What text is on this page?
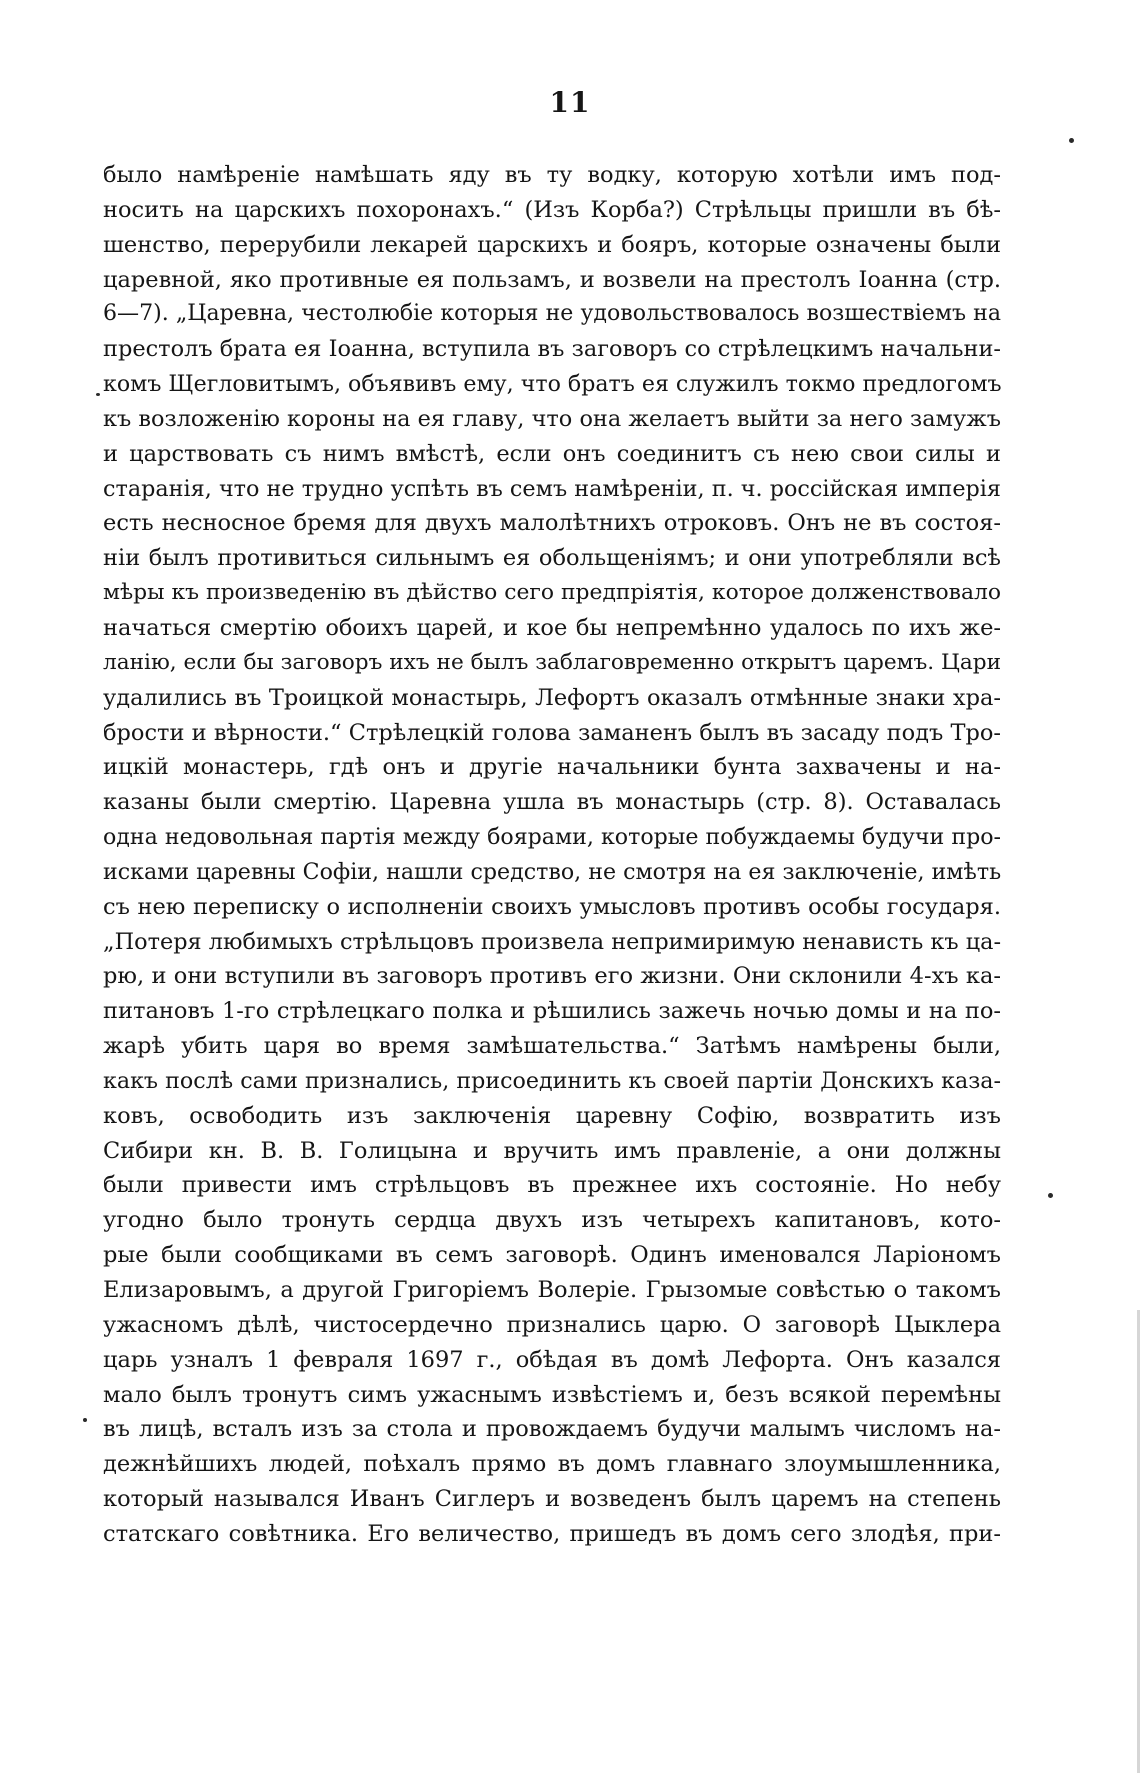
11
было намѣреніе намѣшать яду въ ту водку, которую хотѣли имъ под-
носить на царскихъ похоронахъ.“ (Изъ Корба?) Стрѣльцы пришли въ бѣ-
шенство, перерубили лекарей царскихъ и бояръ, которые означены были
царевной, яко противные ея пользамъ, и возвели на престолъ Іоанна (стр.
6—7). „Царевна, честолюбіе которыя не удовольствовалось возшествіемъ на
престолъ брата ея Іоанна, вступила въ заговоръ со стрѣлецкимъ начальни-
комъ Щегловитымъ, объявивъ ему, что братъ ея служилъ токмо предлогомъ
къ возложенію короны на ея главу, что она желаетъ выйти за него замужъ
и царствовать съ нимъ вмѣстѣ, если онъ соединитъ съ нею свои силы и
старанія, что не трудно успѣть въ семъ намѣреніи, п. ч. россійская имперія
есть несносное бремя для двухъ малолѣтнихъ отроковъ. Онъ не въ состоя-
ніи былъ противиться сильнымъ ея обольщеніямъ; и они употребляли всѣ
мѣры къ произведенію въ дѣйство сего предпріятія, которое долженствовало
начаться смертію обоихъ царей, и кое бы непремѣнно удалось по ихъ же-
ланію, если бы заговоръ ихъ не былъ заблаговременно открытъ царемъ. Цари
удалились въ Троицкой монастырь, Лефортъ оказалъ отмѣнные знаки хра-
брости и вѣрности.“ Стрѣлецкій голова заманенъ былъ въ засаду подъ Тро-
ицкій монастерь, гдѣ онъ и другіе начальники бунта захвачены и на-
казаны были смертію. Царевна ушла въ монастырь (стр. 8). Оставалась
одна недовольная партія между боярами, которые побуждаемы будучи про-
исками царевны Софіи, нашли средство, не смотря на ея заключеніе, имѣть
съ нею переписку о исполненіи своихъ умысловъ противъ особы государя.
„Потеря любимыхъ стрѣльцовъ произвела непримиримую ненависть къ ца-
рю, и они вступили въ заговоръ противъ его жизни. Они склонили 4-хъ ка-
питановъ 1-го стрѣлецкаго полка и рѣшились зажечь ночью домы и на по-
жарѣ убить царя во время замѣшательства.“ Затѣмъ намѣрены были,
какъ послѣ сами признались, присоединить къ своей партіи Донскихъ каза-
ковъ, освободить изъ заключенія царевну Софію, возвратить изъ
Сибири кн. В. В. Голицына и вручить имъ правленіе, а они должны
были привести имъ стрѣльцовъ въ прежнее ихъ состояніе. Но небу
угодно было тронуть сердца двухъ изъ четырехъ капитановъ, кото-
рые были сообщиками въ семъ заговорѣ. Одинъ именовался Ларіономъ
Елизаровымъ, а другой Григоріемъ Волеріе. Грызомые совѣстью о такомъ
ужасномъ дѣлѣ, чистосердечно признались царю. О заговорѣ Цыклера
царь узналъ 1 февраля 1697 г., обѣдая въ домѣ Лефорта. Онъ казался
мало былъ тронутъ симъ ужаснымъ извѣстіемъ и, безъ всякой перемѣны
въ лицѣ, всталъ изъ за стола и провождаемъ будучи малымъ числомъ на-
дежнѣйшихъ людей, поѣхалъ прямо въ домъ главнаго злоумышленника,
который назывался Иванъ Сиглеръ и возведенъ былъ царемъ на степень
статскаго совѣтника. Его величество, пришедъ въ домъ сего злодѣя, при-
